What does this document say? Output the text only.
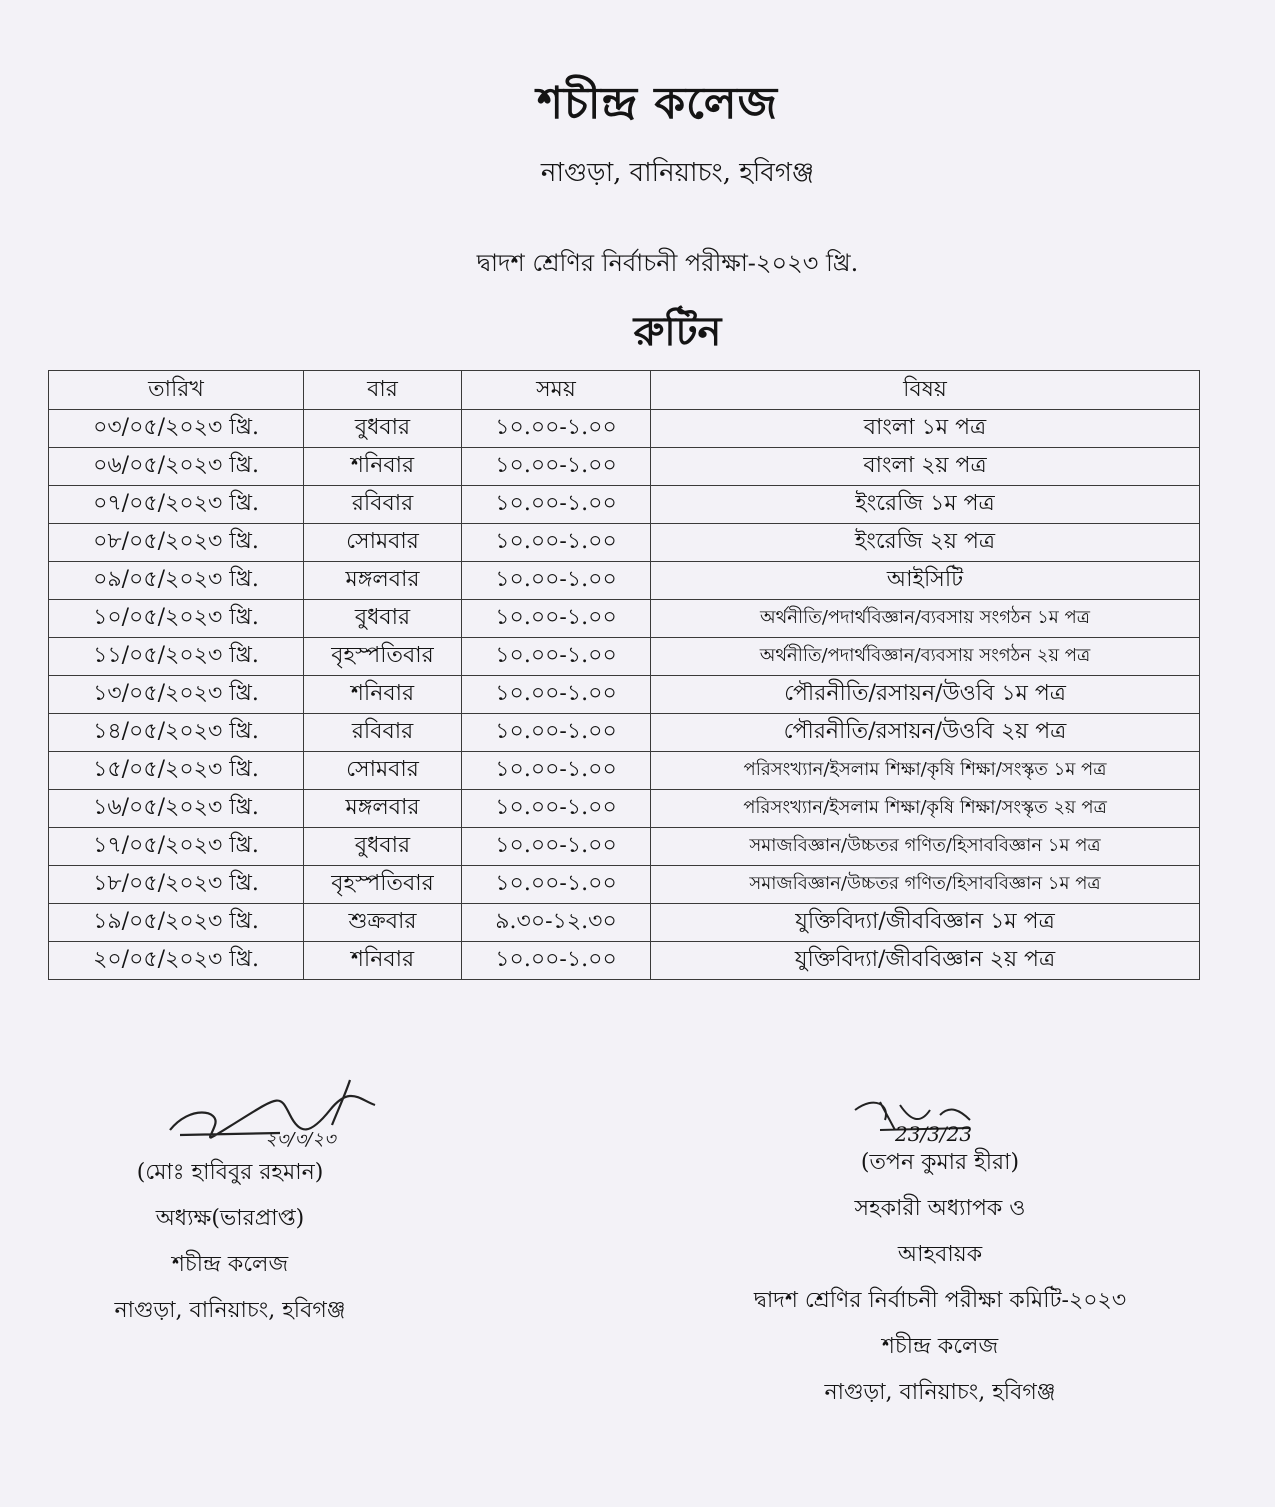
শচীন্দ্র কলেজ
নাগুড়া, বানিয়াচং, হবিগঞ্জ
দ্বাদশ শ্রেণির নির্বাচনী পরীক্ষা-২০২৩ খ্রি.
রুটিন
তারিখ	বার	সময়	বিষয়
০৩/০৫/২০২৩ খ্রি.	বুধবার	১০.০০-১.০০	বাংলা ১ম পত্র
০৬/০৫/২০২৩ খ্রি.	শনিবার	১০.০০-১.০০	বাংলা ২য় পত্র
০৭/০৫/২০২৩ খ্রি.	রবিবার	১০.০০-১.০০	ইংরেজি ১ম পত্র
০৮/০৫/২০২৩ খ্রি.	সোমবার	১০.০০-১.০০	ইংরেজি ২য় পত্র
০৯/০৫/২০২৩ খ্রি.	মঙ্গলবার	১০.০০-১.০০	আইসিটি
১০/০৫/২০২৩ খ্রি.	বুধবার	১০.০০-১.০০	অর্থনীতি/পদার্থবিজ্ঞান/ব্যবসায় সংগঠন ১ম পত্র
১১/০৫/২০২৩ খ্রি.	বৃহস্পতিবার	১০.০০-১.০০	অর্থনীতি/পদার্থবিজ্ঞান/ব্যবসায় সংগঠন ২য় পত্র
১৩/০৫/২০২৩ খ্রি.	শনিবার	১০.০০-১.০০	পৌরনীতি/রসায়ন/উওবি ১ম পত্র
১৪/০৫/২০২৩ খ্রি.	রবিবার	১০.০০-১.০০	পৌরনীতি/রসায়ন/উওবি ২য় পত্র
১৫/০৫/২০২৩ খ্রি.	সোমবার	১০.০০-১.০০	পরিসংখ্যান/ইসলাম শিক্ষা/কৃষি শিক্ষা/সংস্কৃত ১ম পত্র
১৬/০৫/২০২৩ খ্রি.	মঙ্গলবার	১০.০০-১.০০	পরিসংখ্যান/ইসলাম শিক্ষা/কৃষি শিক্ষা/সংস্কৃত ২য় পত্র
১৭/০৫/২০২৩ খ্রি.	বুধবার	১০.০০-১.০০	সমাজবিজ্ঞান/উচ্চতর গণিত/হিসাববিজ্ঞান ১ম পত্র
১৮/০৫/২০২৩ খ্রি.	বৃহস্পতিবার	১০.০০-১.০০	সমাজবিজ্ঞান/উচ্চতর গণিত/হিসাববিজ্ঞান ১ম পত্র
১৯/০৫/২০২৩ খ্রি.	শুক্রবার	৯.৩০-১২.৩০	যুক্তিবিদ্যা/জীববিজ্ঞান ১ম পত্র
২০/০৫/২০২৩ খ্রি.	শনিবার	১০.০০-১.০০	যুক্তিবিদ্যা/জীববিজ্ঞান ২য় পত্র
২৩/৩/২৩	23/3/23
(মোঃ হাবিবুর রহমান)
অধ্যক্ষ(ভারপ্রাপ্ত)
শচীন্দ্র কলেজ
নাগুড়া, বানিয়াচং, হবিগঞ্জ
(তপন কুমার হীরা)
সহকারী অধ্যাপক ও
আহবায়ক
দ্বাদশ শ্রেণির নির্বাচনী পরীক্ষা কমিটি-২০২৩
শচীন্দ্র কলেজ
নাগুড়া, বানিয়াচং, হবিগঞ্জ
